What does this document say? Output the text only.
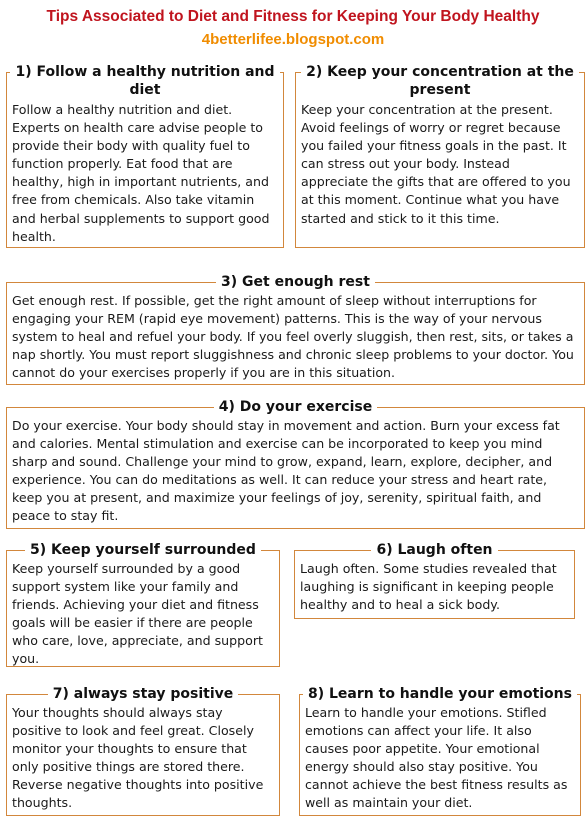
Tips Associated to Diet and Fitness for Keeping Your Body Healthy
4betterlifee.blogspot.com
1) Follow a healthy nutrition and
diet
Follow a healthy nutrition and diet. Experts on health care advise people to provide their body with quality fuel to function properly. Eat food that are healthy, high in important nutrients, and free from chemicals. Also take vitamin and herbal supplements to support good health.
2) Keep your concentration at the
present
Keep your concentration at the present. Avoid feelings of worry or regret because you failed your fitness goals in the past. It can stress out your body. Instead appreciate the gifts that are offered to you at this moment. Continue what you have started and stick to it this time.
3) Get enough rest
Get enough rest. If possible, get the right amount of sleep without interruptions for engaging your REM (rapid eye movement) patterns. This is the way of your nervous system to heal and refuel your body. If you feel overly sluggish, then rest, sits, or takes a nap shortly. You must report sluggishness and chronic sleep problems to your doctor. You cannot do your exercises properly if you are in this situation.
4) Do your exercise
Do your exercise. Your body should stay in movement and action. Burn your excess fat and calories. Mental stimulation and exercise can be incorporated to keep you mind sharp and sound. Challenge your mind to grow, expand, learn, explore, decipher, and experience. You can do meditations as well. It can reduce your stress and heart rate, keep you at present, and maximize your feelings of joy, serenity, spiritual faith, and peace to stay fit.
5) Keep yourself surrounded
Keep yourself surrounded by a good support system like your family and friends. Achieving your diet and fitness goals will be easier if there are people who care, love, appreciate, and support you.
6) Laugh often
Laugh often. Some studies revealed that laughing is significant in keeping people healthy and to heal a sick body.
7) always stay positive
Your thoughts should always stay positive to look and feel great. Closely monitor your thoughts to ensure that only positive things are stored there. Reverse negative thoughts into positive thoughts.
8) Learn to handle your emotions
Learn to handle your emotions. Stifled emotions can affect your life. It also causes poor appetite. Your emotional energy should also stay positive. You cannot achieve the best fitness results as well as maintain your diet.
